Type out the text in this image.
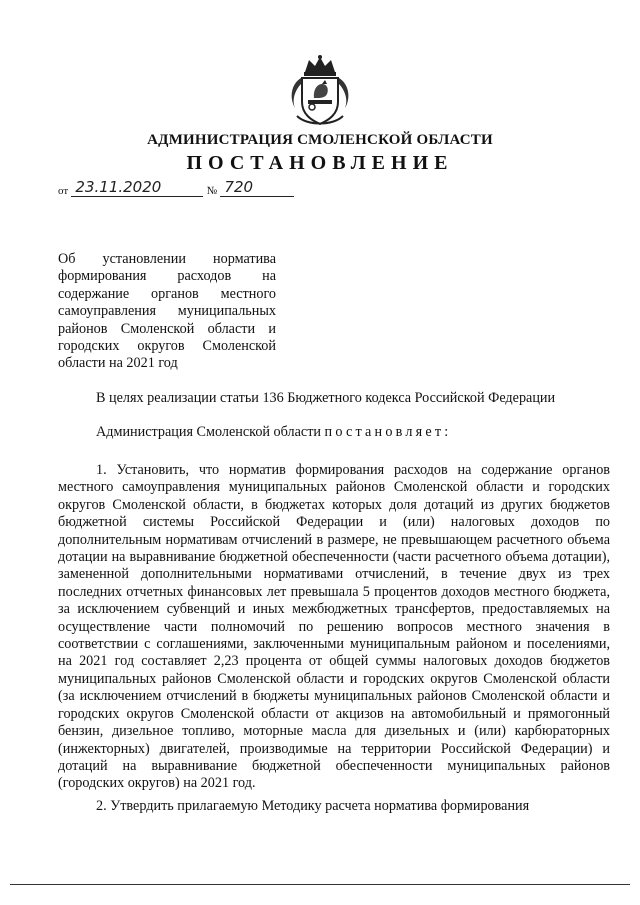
АДМИНИСТРАЦИЯ СМОЛЕНСКОЙ ОБЛАСТИ
ПОСТАНОВЛЕНИЕ
от 23.11.2020	№ 720
Об установлении норматива формирования расходов на содержание органов местного самоуправления муниципальных районов Смоленской области и городских округов Смоленской области на 2021 год
В целях реализации статьи 136 Бюджетного кодекса Российской Федерации
Администрация Смоленской области постановляет:
1. Установить, что норматив формирования расходов на содержание органов местного самоуправления муниципальных районов Смоленской области и городских округов Смоленской области, в бюджетах которых доля дотаций из других бюджетов бюджетной системы Российской Федерации и (или) налоговых доходов по дополнительным нормативам отчислений в размере, не превышающем расчетного объема дотации на выравнивание бюджетной обеспеченности (части расчетного объема дотации), замененной дополнительными нормативами отчислений, в течение двух из трех последних отчетных финансовых лет превышала 5 процентов доходов местного бюджета, за исключением субвенций и иных межбюджетных трансфертов, предоставляемых на осуществление части полномочий по решению вопросов местного значения в соответствии с соглашениями, заключенными муниципальным районом и поселениями, на 2021 год составляет 2,23 процента от общей суммы налоговых доходов бюджетов муниципальных районов Смоленской области и городских округов Смоленской области (за исключением отчислений в бюджеты муниципальных районов Смоленской области и городских округов Смоленской области от акцизов на автомобильный и прямогонный бензин, дизельное топливо, моторные масла для дизельных и (или) карбюраторных (инжекторных) двигателей, производимые на территории Российской Федерации) и дотаций на выравнивание бюджетной обеспеченности муниципальных районов (городских округов) на 2021 год.
2. Утвердить прилагаемую Методику расчета норматива формирования
